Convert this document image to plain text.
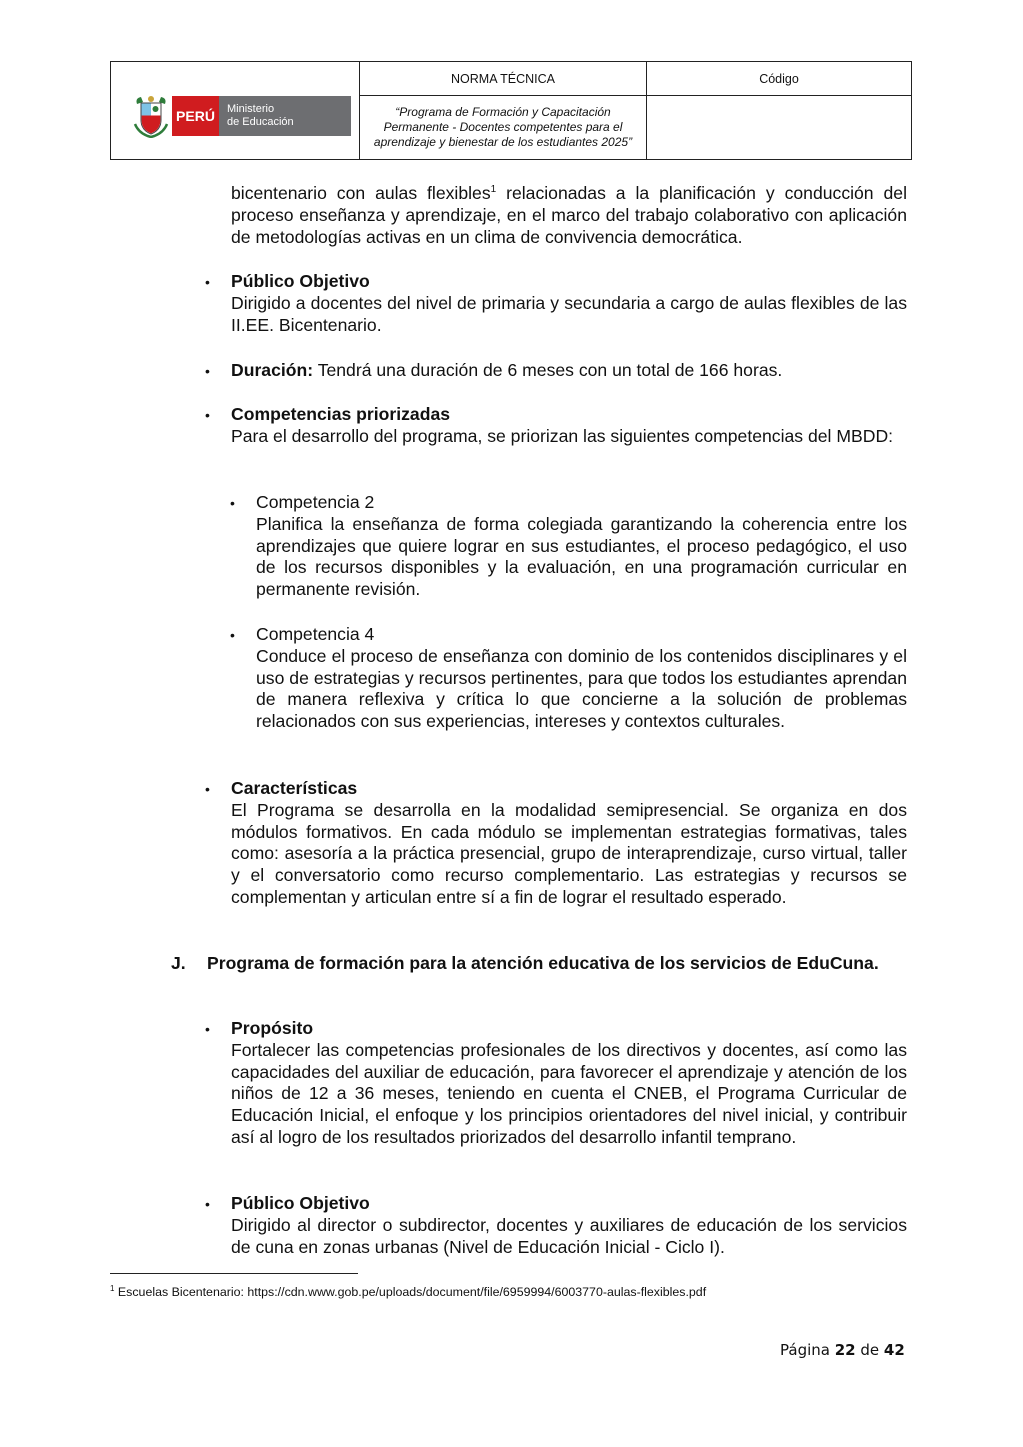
PERÚ	Ministerio
de Educación
NORMA TÉCNICA
“Programa de Formación y Capacitación Permanente - Docentes competentes para el aprendizaje y bienestar de los estudiantes 2025”
Código
bicentenario con aulas flexibles$^1$ relacionadas a la planificación y conducción del proceso enseñanza y aprendizaje, en el marco del trabajo colaborativo con aplicación de metodologías activas en un clima de convivencia democrática.
• Público Objetivo
Dirigido a docentes del nivel de primaria y secundaria a cargo de aulas flexibles de las II.EE. Bicentenario.
• Duración: Tendrá una duración de 6 meses con un total de 166 horas.
• Competencias priorizadas
Para el desarrollo del programa, se priorizan las siguientes competencias del MBDD:
• Competencia 2
Planifica la enseñanza de forma colegiada garantizando la coherencia entre los aprendizajes que quiere lograr en sus estudiantes, el proceso pedagógico, el uso de los recursos disponibles y la evaluación, en una programación curricular en permanente revisión.
• Competencia 4
Conduce el proceso de enseñanza con dominio de los contenidos disciplinares y el uso de estrategias y recursos pertinentes, para que todos los estudiantes aprendan de manera reflexiva y crítica lo que concierne a la solución de problemas relacionados con sus experiencias, intereses y contextos culturales.
• Características
El Programa se desarrolla en la modalidad semipresencial. Se organiza en dos módulos formativos. En cada módulo se implementan estrategias formativas, tales como: asesoría a la práctica presencial, grupo de interaprendizaje, curso virtual, taller y el conversatorio como recurso complementario. Las estrategias y recursos se complementan y articulan entre sí a fin de lograr el resultado esperado.
J. Programa de formación para la atención educativa de los servicios de EduCuna.
• Propósito
Fortalecer las competencias profesionales de los directivos y docentes, así como las capacidades del auxiliar de educación, para favorecer el aprendizaje y atención de los niños de 12 a 36 meses, teniendo en cuenta el CNEB, el Programa Curricular de Educación Inicial, el enfoque y los principios orientadores del nivel inicial, y contribuir así al logro de los resultados priorizados del desarrollo infantil temprano.
• Público Objetivo
Dirigido al director o subdirector, docentes y auxiliares de educación de los servicios de cuna en zonas urbanas (Nivel de Educación Inicial - Ciclo I).
$^1$ Escuelas Bicentenario: https://cdn.www.gob.pe/uploads/document/file/6959994/6003770-aulas-flexibles.pdf
Página 22 de 42
